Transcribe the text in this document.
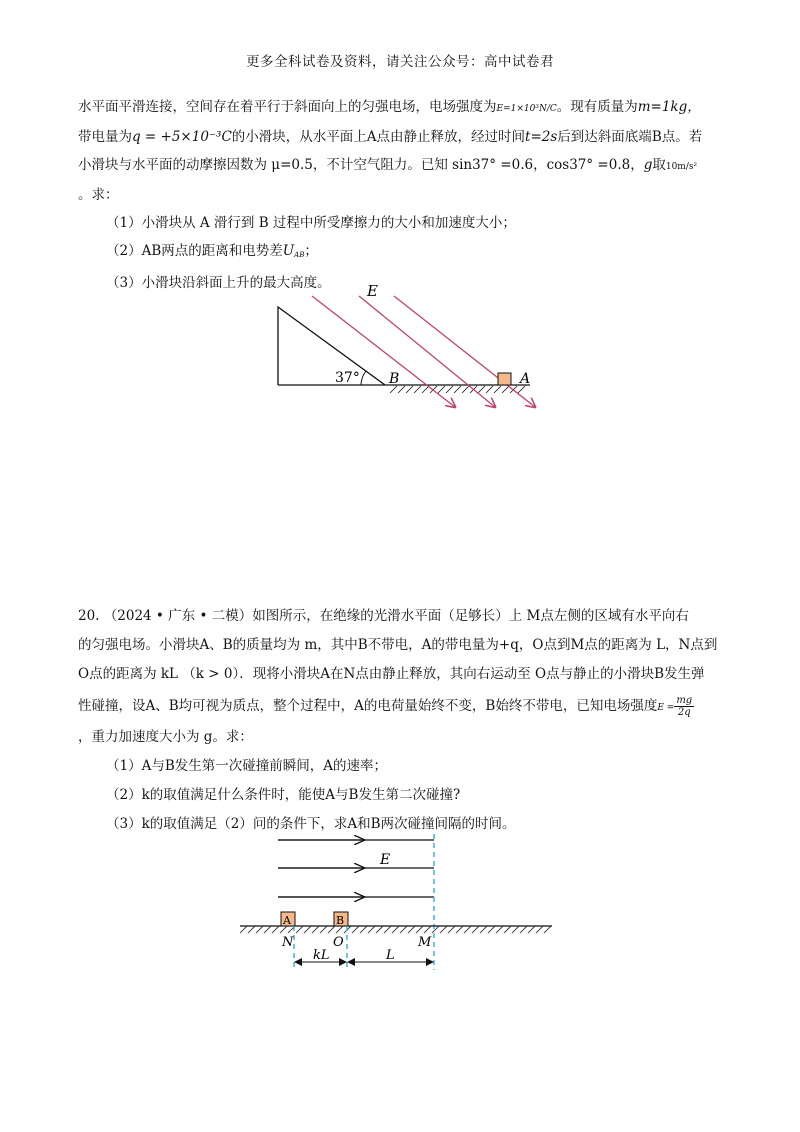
更多全科试卷及资料，请关注公众号：高中试卷君
水平面平滑连接，空间存在着平行于斜面向上的匀强电场，电场强度为E=1×10³N/C。现有质量为m=1kg，
带电量为q = +5×10⁻³C的小滑块，从水平面上A点由静止释放，经过时间t=2s后到达斜面底端B点。若
小滑块与水平面的动摩擦因数为 μ=0.5，不计空气阻力。已知 sin37° =0.6，cos37° =0.8，g取10m/s²
。求：
（1）小滑块从 A 滑行到 B 过程中所受摩擦力的大小和加速度大小；
（2）AB两点的距离和电势差$U_{AB}$；
（3）小滑块沿斜面上升的最大高度。	E
37° B	A
20. （2024 • 广东 • 二模）如图所示，在绝缘的光滑水平面（足够长）上 M点左侧的区域有水平向右
的匀强电场。小滑块A、B的质量均为 m，其中B不带电，A的带电量为+q，O点到M点的距离为 L，N点到
O点的距离为 kL （k > 0）．现将小滑块A在N点由静止释放，其向右运动至 O点与静止的小滑块B发生弹
性碰撞，设A、B均可视为质点，整个过程中，A的电荷量始终不变，B始终不带电，已知电场强度$E = \frac{mg}{2q}$
，重力加速度大小为 g。求：
（1）A与B发生第一次碰撞前瞬间，A的速率；
（2）k的取值满足什么条件时，能使A与B发生第二次碰撞?
（3）k的取值满足（2）问的条件下，求A和B两次碰撞间隔的时间。
E
A	B
N	O	M
kL	L
